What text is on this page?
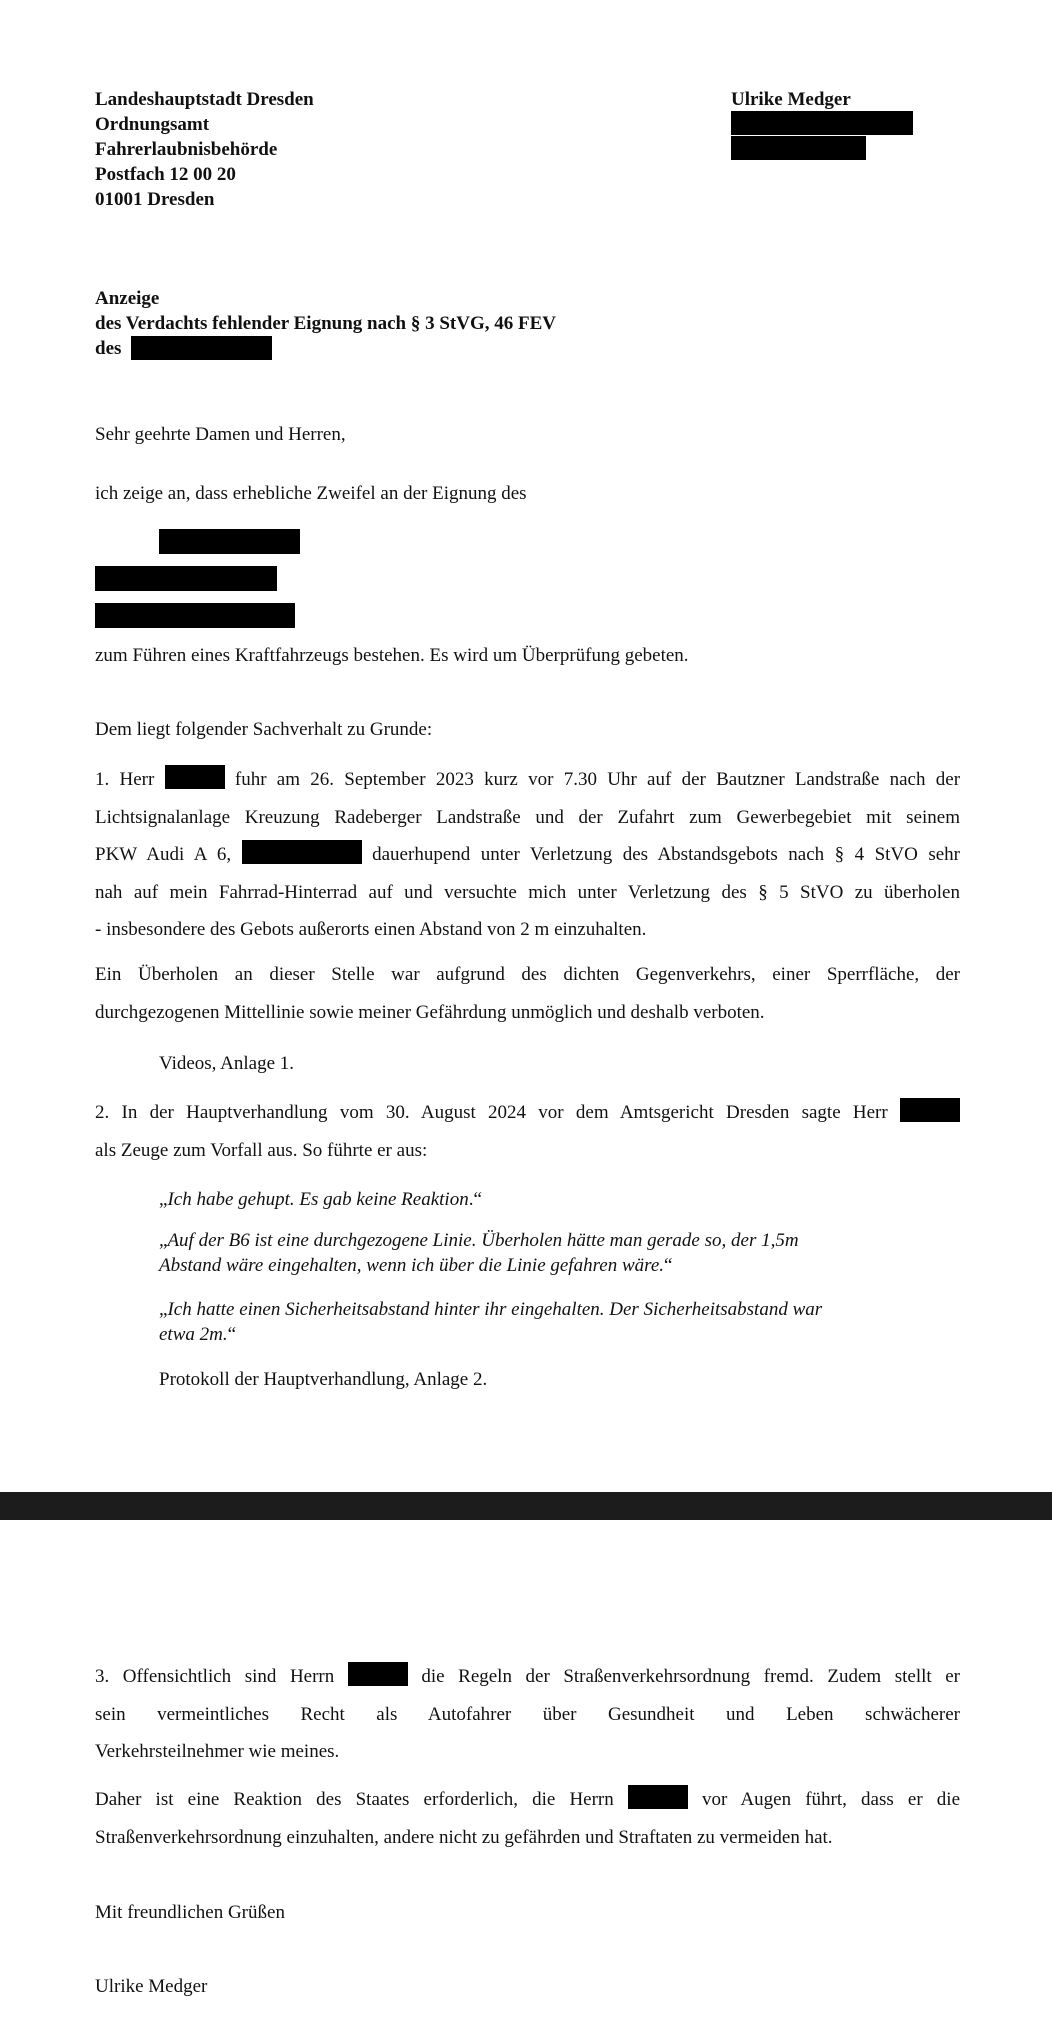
Landeshauptstadt Dresden
Ordnungsamt
Fahrerlaubnisbehörde
Postfach 12 00 20
01001 Dresden
Ulrike Medger
Anzeige
des Verdachts fehlender Eignung nach § 3 StVG, 46 FEV
des
Sehr geehrte Damen und Herren,
ich zeige an, dass erhebliche Zweifel an der Eignung des
zum Führen eines Kraftfahrzeugs bestehen. Es wird um Überprüfung gebeten.
Dem liegt folgender Sachverhalt zu Grunde:
1. Herr	fuhr am 26. September 2023 kurz vor 7.30 Uhr auf der Bautzner Landstraße nach der
Lichtsignalanlage Kreuzung Radeberger Landstraße und der Zufahrt zum Gewerbegebiet mit seinem
PKW Audi A 6,	dauerhupend unter Verletzung des Abstandsgebots nach § 4 StVO sehr
nah auf mein Fahrrad-Hinterrad auf und versuchte mich unter Verletzung des § 5 StVO zu überholen
- insbesondere des Gebots außerorts einen Abstand von 2 m einzuhalten.
Ein Überholen an dieser Stelle war aufgrund des dichten Gegenverkehrs, einer Sperrfläche, der
durchgezogenen Mittellinie sowie meiner Gefährdung unmöglich und deshalb verboten.
Videos, Anlage 1.
2. In der Hauptverhandlung vom 30. August 2024 vor dem Amtsgericht Dresden sagte Herr
als Zeuge zum Vorfall aus. So führte er aus:
„Ich habe gehupt. Es gab keine Reaktion.“
„Auf der B6 ist eine durchgezogene Linie. Überholen hätte man gerade so, der 1,5m
Abstand wäre eingehalten, wenn ich über die Linie gefahren wäre.“
„Ich hatte einen Sicherheitsabstand hinter ihr eingehalten. Der Sicherheitsabstand war
etwa 2m.“
Protokoll der Hauptverhandlung, Anlage 2.
3. Offensichtlich sind Herrn	die Regeln der Straßenverkehrsordnung fremd. Zudem stellt er
sein vermeintliches Recht als Autofahrer über Gesundheit und Leben schwächerer
Verkehrsteilnehmer wie meines.
Daher ist eine Reaktion des Staates erforderlich, die Herrn	vor Augen führt, dass er die
Straßenverkehrsordnung einzuhalten, andere nicht zu gefährden und Straftaten zu vermeiden hat.
Mit freundlichen Grüßen
Ulrike Medger
